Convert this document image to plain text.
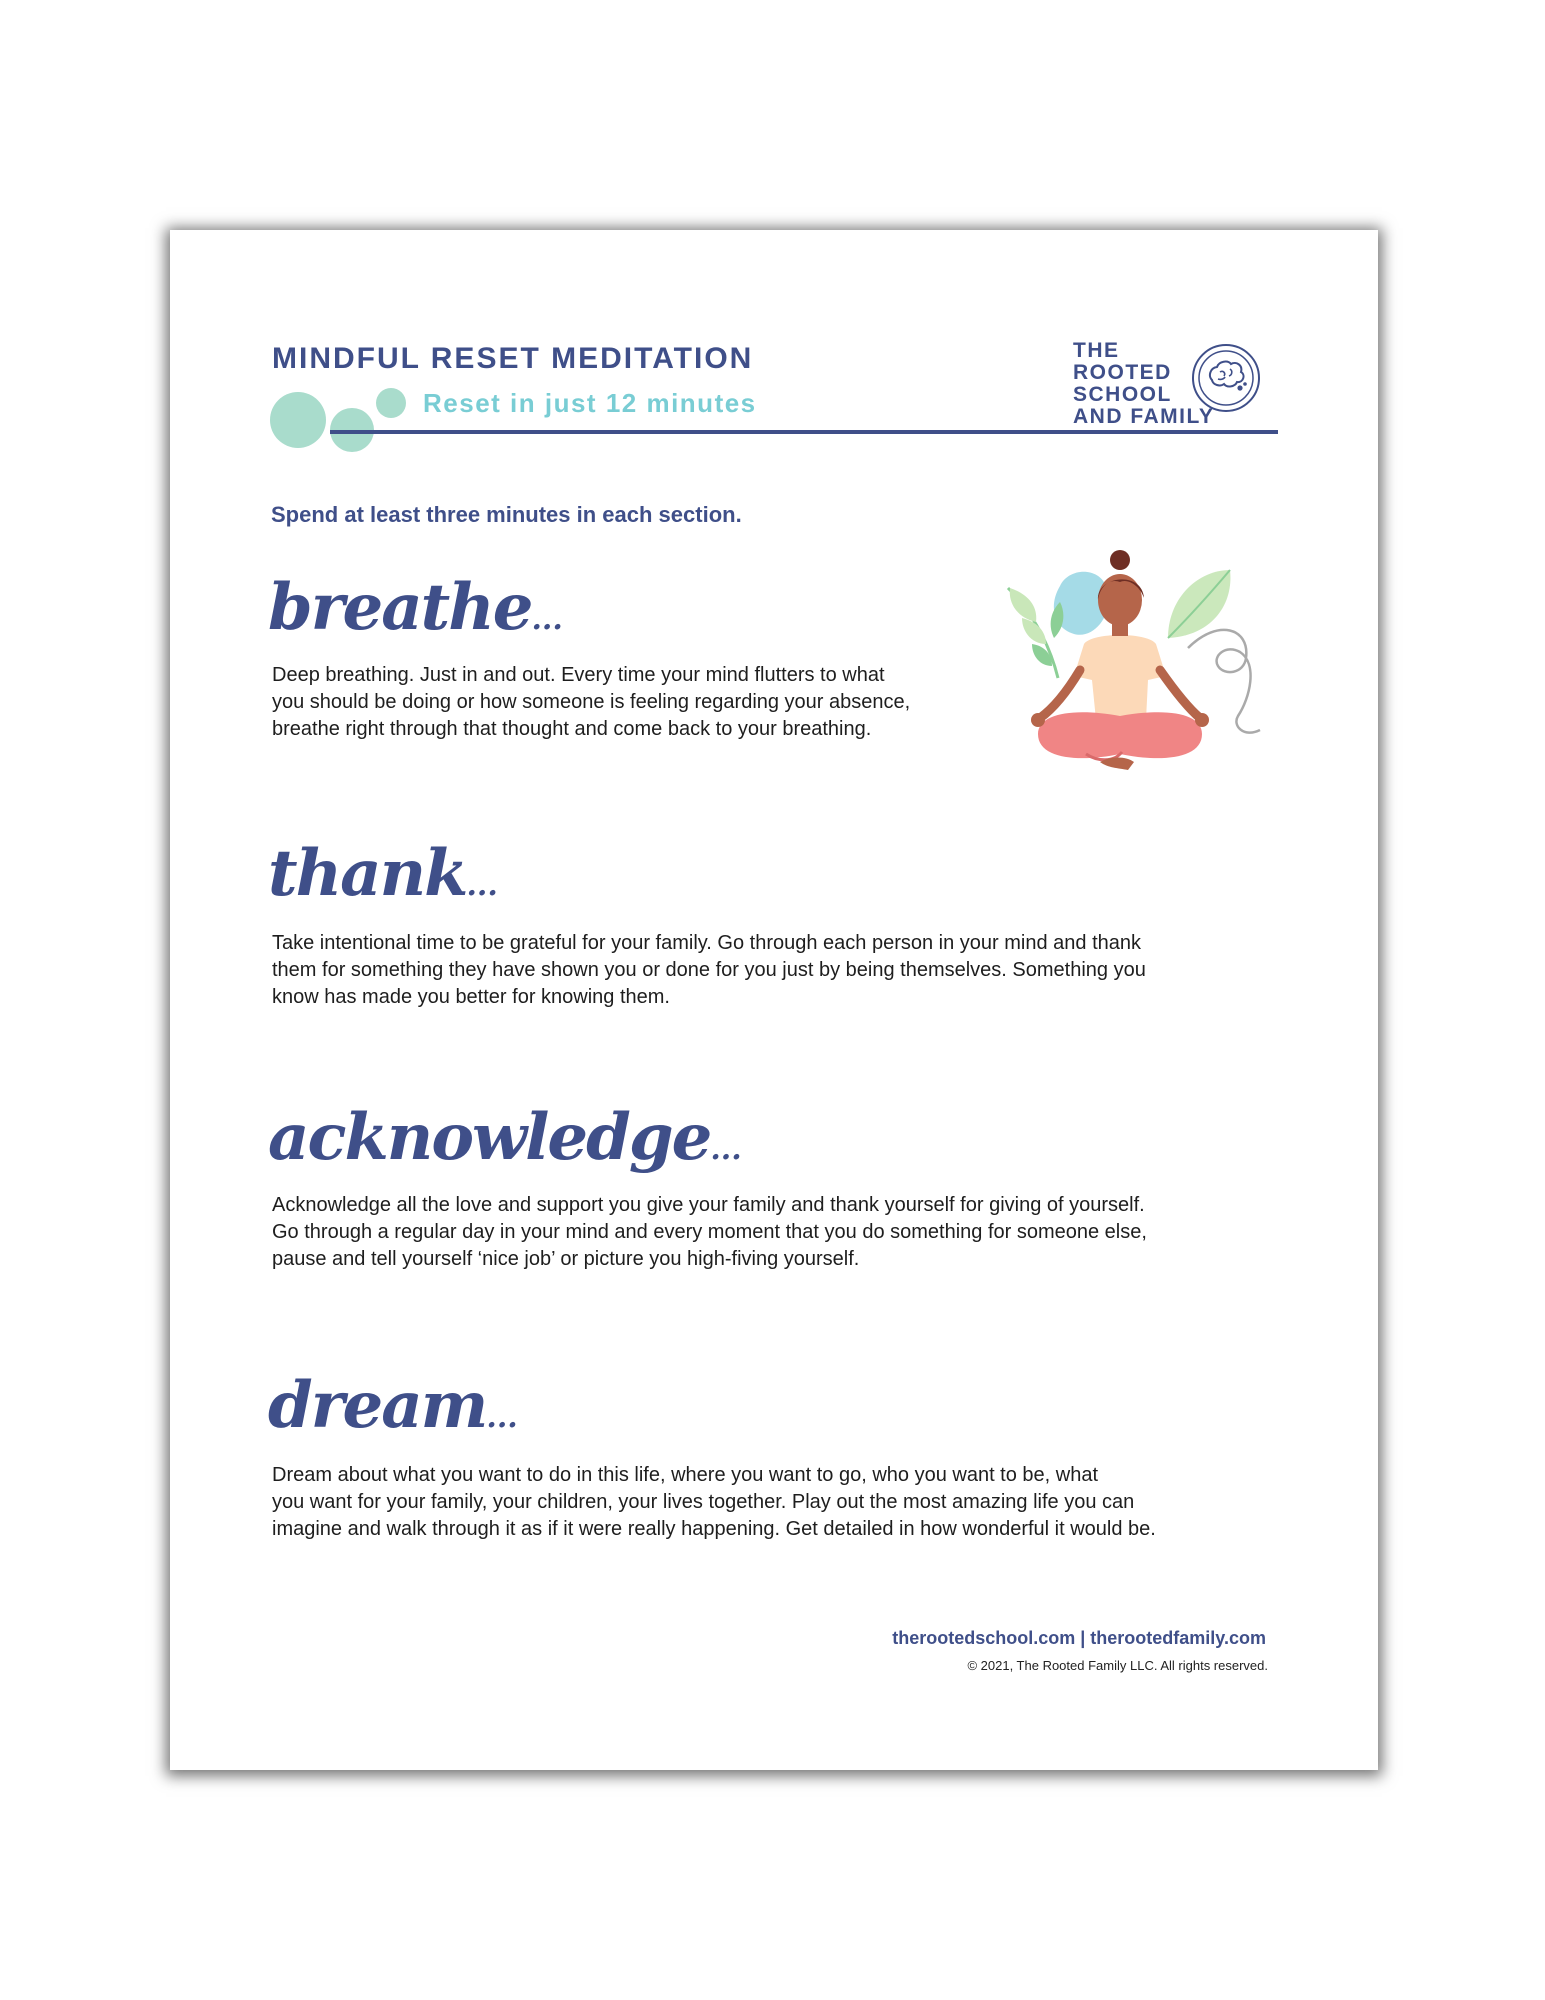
MINDFUL RESET MEDITATION
Reset in just 12 minutes
THE
ROOTED
SCHOOL
AND FAMILY
Spend at least three minutes in each section.
breathe...
Deep breathing. Just in and out. Every time your mind flutters to what
you should be doing or how someone is feeling regarding your absence,
breathe right through that thought and come back to your breathing.
thank...
Take intentional time to be grateful for your family. Go through each person in your mind and thank
them for something they have shown you or done for you just by being themselves. Something you
know has made you better for knowing them.
acknowledge...
Acknowledge all the love and support you give your family and thank yourself for giving of yourself.
Go through a regular day in your mind and every moment that you do something for someone else,
pause and tell yourself ‘nice job’ or picture you high-fiving yourself.
dream...
Dream about what you want to do in this life, where you want to go, who you want to be, what
you want for your family, your children, your lives together. Play out the most amazing life you can
imagine and walk through it as if it were really happening. Get detailed in how wonderful it would be.
therootedschool.com | therootedfamily.com
© 2021, The Rooted Family LLC. All rights reserved.
